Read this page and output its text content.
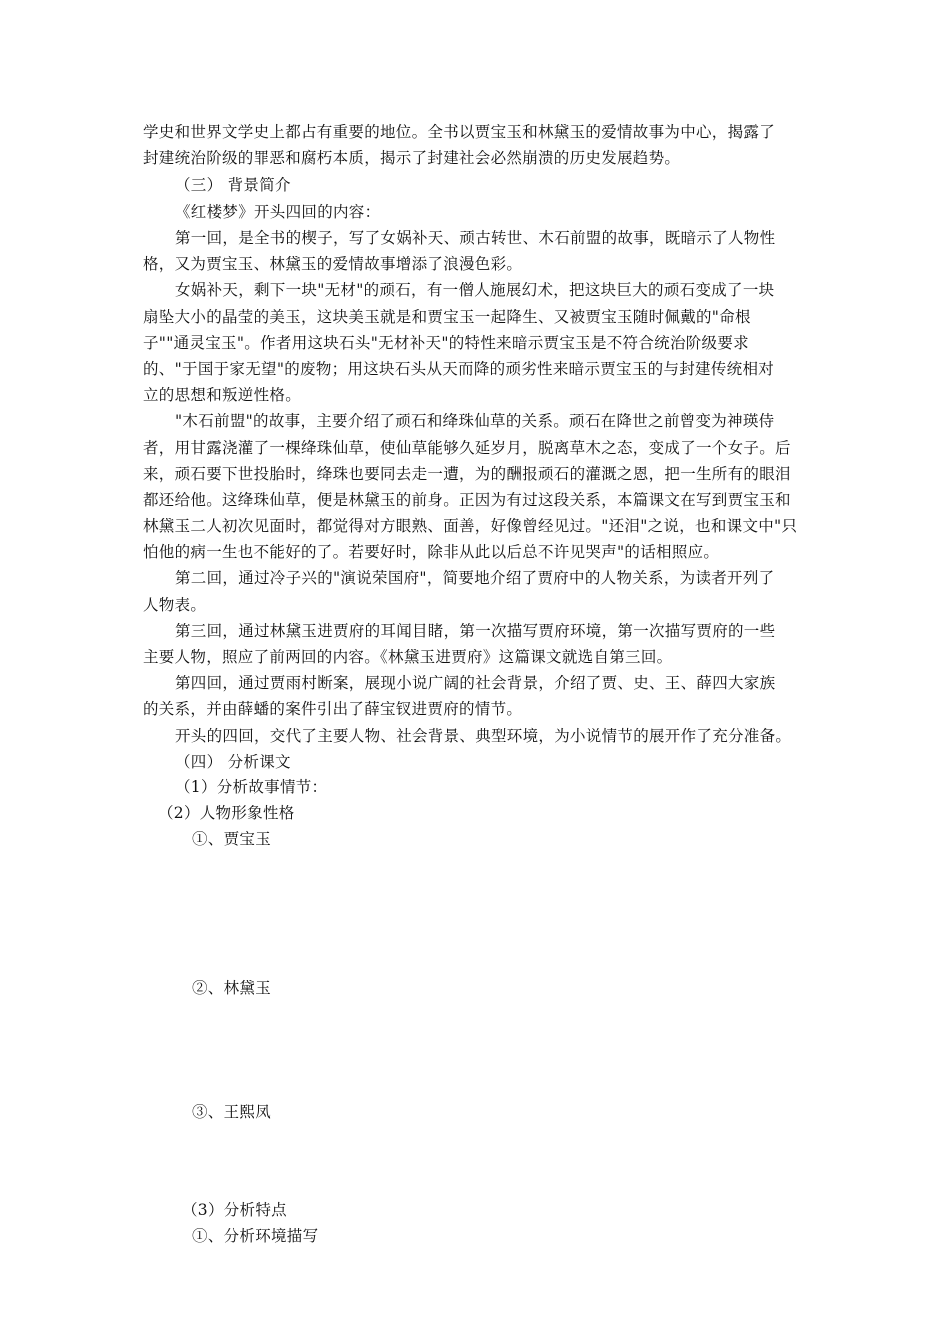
学史和世界文学史上都占有重要的地位。全书以贾宝玉和林黛玉的爱情故事为中心，揭露了
封建统治阶级的罪恶和腐朽本质，揭示了封建社会必然崩溃的历史发展趋势。
（三） 背景简介
《红楼梦》开头四回的内容：
第一回，是全书的楔子，写了女娲补天、顽古转世、木石前盟的故事，既暗示了人物性
格，又为贾宝玉、林黛玉的爱情故事增添了浪漫色彩。
女娲补天，剩下一块"无材"的顽石，有一僧人施展幻术，把这块巨大的顽石变成了一块
扇坠大小的晶莹的美玉，这块美玉就是和贾宝玉一起降生、又被贾宝玉随时佩戴的"命根
子""通灵宝玉"。作者用这块石头"无材补天"的特性来暗示贾宝玉是不符合统治阶级要求
的、"于国于家无望"的废物；用这块石头从天而降的顽劣性来暗示贾宝玉的与封建传统相对
立的思想和叛逆性格。
"木石前盟"的故事，主要介绍了顽石和绛珠仙草的关系。顽石在降世之前曾变为神瑛侍
者，用甘露浇灌了一棵绛珠仙草，使仙草能够久延岁月，脱离草木之态，变成了一个女子。后
来，顽石要下世投胎时，绛珠也要同去走一遭，为的酬报顽石的灌溉之恩，把一生所有的眼泪
都还给他。这绛珠仙草，便是林黛玉的前身。正因为有过这段关系，本篇课文在写到贾宝玉和
林黛玉二人初次见面时，都觉得对方眼熟、面善，好像曾经见过。"还泪"之说，也和课文中"只
怕他的病一生也不能好的了。若要好时，除非从此以后总不许见哭声"的话相照应。
第二回，通过冷子兴的"演说荣国府"，简要地介绍了贾府中的人物关系，为读者开列了
人物表。
第三回，通过林黛玉进贾府的耳闻目睹，第一次描写贾府环境，第一次描写贾府的一些
主要人物，照应了前两回的内容。《林黛玉进贾府》这篇课文就选自第三回。
第四回，通过贾雨村断案，展现小说广阔的社会背景，介绍了贾、史、王、薛四大家族
的关系，并由薛蟠的案件引出了薛宝钗进贾府的情节。
开头的四回，交代了主要人物、社会背景、典型环境，为小说情节的展开作了充分准备。
（四） 分析课文
（1）分析故事情节：
（2）人物形象性格
①、贾宝玉
②、林黛玉
③、王熙凤
（3）分析特点
①、分析环境描写
